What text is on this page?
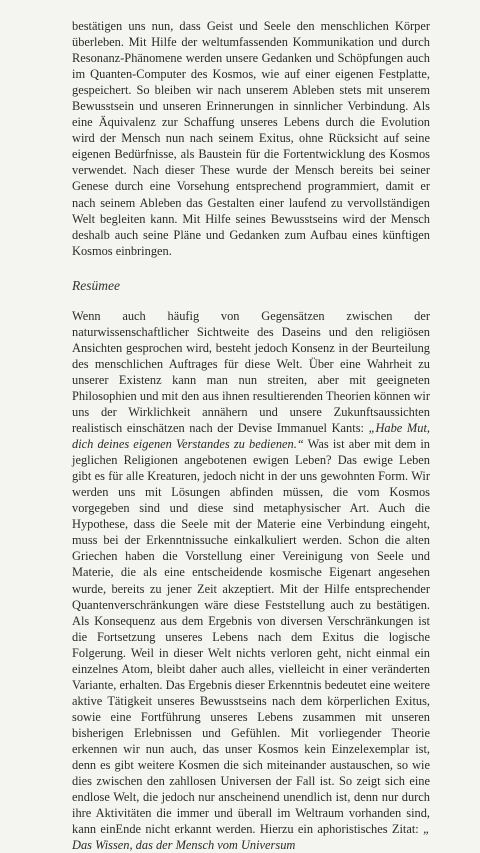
bestätigen uns nun, dass Geist und Seele den menschlichen Körper überleben. Mit Hilfe der weltumfassenden Kommunikation und durch Resonanz-Phänomene werden unsere Gedanken und Schöpfungen auch im Quanten-Computer des Kosmos, wie auf einer eigenen Festplatte, gespeichert. So bleiben wir nach unserem Ableben stets mit unserem Bewusstsein und unseren Erinnerungen in sinnlicher Verbindung. Als eine Äquivalenz zur Schaffung unseres Lebens durch die Evolution wird der Mensch nun nach seinem Exitus, ohne Rücksicht auf seine eigenen Bedürfnisse, als Baustein für die Fortentwicklung des Kosmos verwendet. Nach dieser These wurde der Mensch bereits bei seiner Genese durch eine Vorsehung entsprechend programmiert, damit er nach seinem Ableben das Gestalten einer laufend zu vervollständigen Welt begleiten kann. Mit Hilfe seines Bewusstseins wird der Mensch deshalb auch seine Pläne und Gedanken zum Aufbau eines künftigen Kosmos einbringen.

Resümee

Wenn auch häufig von Gegensätzen zwischen der naturwissenschaftlicher Sichtweite des Daseins und den religiösen Ansichten gesprochen wird, besteht jedoch Konsenz in der Beurteilung des menschlichen Auftrages für diese Welt. Über eine Wahrheit zu unserer Existenz kann man nun streiten, aber mit geeigneten Philosophien und mit den aus ihnen resultierenden Theorien können wir uns der Wirklichkeit annähern und unsere Zukunftsaussichten realistisch einschätzen nach der Devise Immanuel Kants: „Habe Mut, dich deines eigenen Verstandes zu bedienen.“ Was ist aber mit dem in jeglichen Religionen angebotenen ewigen Leben? Das ewige Leben gibt es für alle Kreaturen, jedoch nicht in der uns gewohnten Form. Wir werden uns mit Lösungen abfinden müssen, die vom Kosmos vorgegeben sind und diese sind metaphysischer Art. Auch die Hypothese, dass die Seele mit der Materie eine Verbindung eingeht, muss bei der Erkenntnissuche einkalkuliert werden. Schon die alten Griechen haben die Vorstellung einer Vereinigung von Seele und Materie, die als eine entscheidende kosmische Eigenart angesehen wurde, bereits zu jener Zeit akzeptiert. Mit der Hilfe entsprechender Quantenverschränkungen wäre diese Feststellung auch zu bestätigen. Als Konsequenz aus dem Ergebnis von diversen Verschränkungen ist die Fortsetzung unseres Lebens nach dem Exitus die logische Folgerung. Weil in dieser Welt nichts verloren geht, nicht einmal ein einzelnes Atom, bleibt daher auch alles, vielleicht in einer veränderten Variante, erhalten. Das Ergebnis dieser Erkenntnis bedeutet eine weitere aktive Tätigkeit unseres Bewusstseins nach dem körperlichen Exitus, sowie eine Fortführung unseres Lebens zusammen mit unseren bisherigen Erlebnissen und Gefühlen. Mit vorliegender Theorie erkennen wir nun auch, das unser Kosmos kein Einzelexemplar ist, denn es gibt weitere Kosmen die sich miteinander austauschen, so wie dies zwischen den zahllosen Universen der Fall ist. So zeigt sich eine endlose Welt, die jedoch nur anscheinend unendlich ist, denn nur durch ihre Aktivitäten die immer und überall im Weltraum vorhanden sind, kann einEnde nicht erkannt werden. Hierzu ein aphoristisches Zitat: „ Das Wissen, das der Mensch vom Universum
